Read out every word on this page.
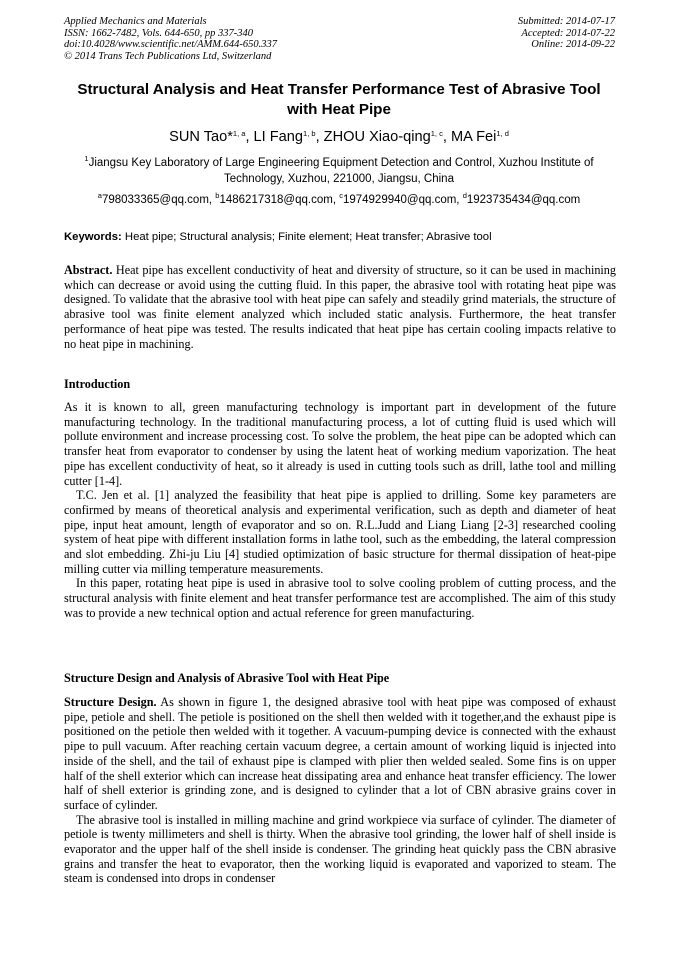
Applied Mechanics and Materials
ISSN: 1662-7482, Vols. 644-650, pp 337-340
doi:10.4028/www.scientific.net/AMM.644-650.337
© 2014 Trans Tech Publications Ltd, Switzerland
Submitted: 2014-07-17
Accepted: 2014-07-22
Online: 2014-09-22
Structural Analysis and Heat Transfer Performance Test of Abrasive Tool
with Heat Pipe
SUN Tao*$^{1, a}$, LI Fang$^{1, b}$, ZHOU Xiao-qing$^{1, c}$, MA Fei$^{1, d}$
$^1$Jiangsu Key Laboratory of Large Engineering Equipment Detection and Control, Xuzhou Institute of
Technology, Xuzhou, 221000, Jiangsu, China
$^a$798033365@qq.com, $^b$1486217318@qq.com, $^c$1974929940@qq.com, $^d$1923735434@qq.com
Keywords: Heat pipe; Structural analysis; Finite element; Heat transfer; Abrasive tool

Abstract. Heat pipe has excellent conductivity of heat and diversity of structure, so it can be used in machining which can decrease or avoid using the cutting fluid. In this paper, the abrasive tool with rotating heat pipe was designed. To validate that the abrasive tool with heat pipe can safely and steadily grind materials, the structure of abrasive tool was finite element analyzed which included static analysis. Furthermore, the heat transfer performance of heat pipe was tested. The results indicated that heat pipe has certain cooling impacts relative to no heat pipe in machining.

Introduction

As it is known to all, green manufacturing technology is important part in development of the future manufacturing technology. In the traditional manufacturing process, a lot of cutting fluid is used which will pollute environment and increase processing cost. To solve the problem, the heat pipe can be adopted which can transfer heat from evaporator to condenser by using the latent heat of working medium vaporization. The heat pipe has excellent conductivity of heat, so it already is used in cutting tools such as drill, lathe tool and milling cutter [1-4].

T.C. Jen et al. [1] analyzed the feasibility that heat pipe is applied to drilling. Some key parameters are confirmed by means of theoretical analysis and experimental verification, such as depth and diameter of heat pipe, input heat amount, length of evaporator and so on. R.L.Judd and Liang Liang [2-3] researched cooling system of heat pipe with different installation forms in lathe tool, such as the embedding, the lateral compression and slot embedding. Zhi-ju Liu [4] studied optimization of basic structure for thermal dissipation of heat-pipe milling cutter via milling temperature measurements.

In this paper, rotating heat pipe is used in abrasive tool to solve cooling problem of cutting process, and the structural analysis with finite element and heat transfer performance test are accomplished. The aim of this study was to provide a new technical option and actual reference for green manufacturing.

Structure Design and Analysis of Abrasive Tool with Heat Pipe

Structure Design. As shown in figure 1, the designed abrasive tool with heat pipe was composed of exhaust pipe, petiole and shell. The petiole is positioned on the shell then welded with it together,and the exhaust pipe is positioned on the petiole then welded with it together. A vacuum-pumping device is connected with the exhaust pipe to pull vacuum. After reaching certain vacuum degree, a certain amount of working liquid is injected into inside of the shell, and the tail of exhaust pipe is clamped with plier then welded sealed. Some fins is on upper half of the shell exterior which can increase heat dissipating area and enhance heat transfer efficiency. The lower half of shell exterior is grinding zone, and is designed to cylinder that a lot of CBN abrasive grains cover in surface of cylinder.

The abrasive tool is installed in milling machine and grind workpiece via surface of cylinder. The diameter of petiole is twenty millimeters and shell is thirty. When the abrasive tool grinding, the lower half of shell inside is evaporator and the upper half of the shell inside is condenser. The grinding heat quickly pass the CBN abrasive grains and transfer the heat to evaporator, then the working liquid is evaporated and vaporized to steam. The steam is condensed into drops in condenser
